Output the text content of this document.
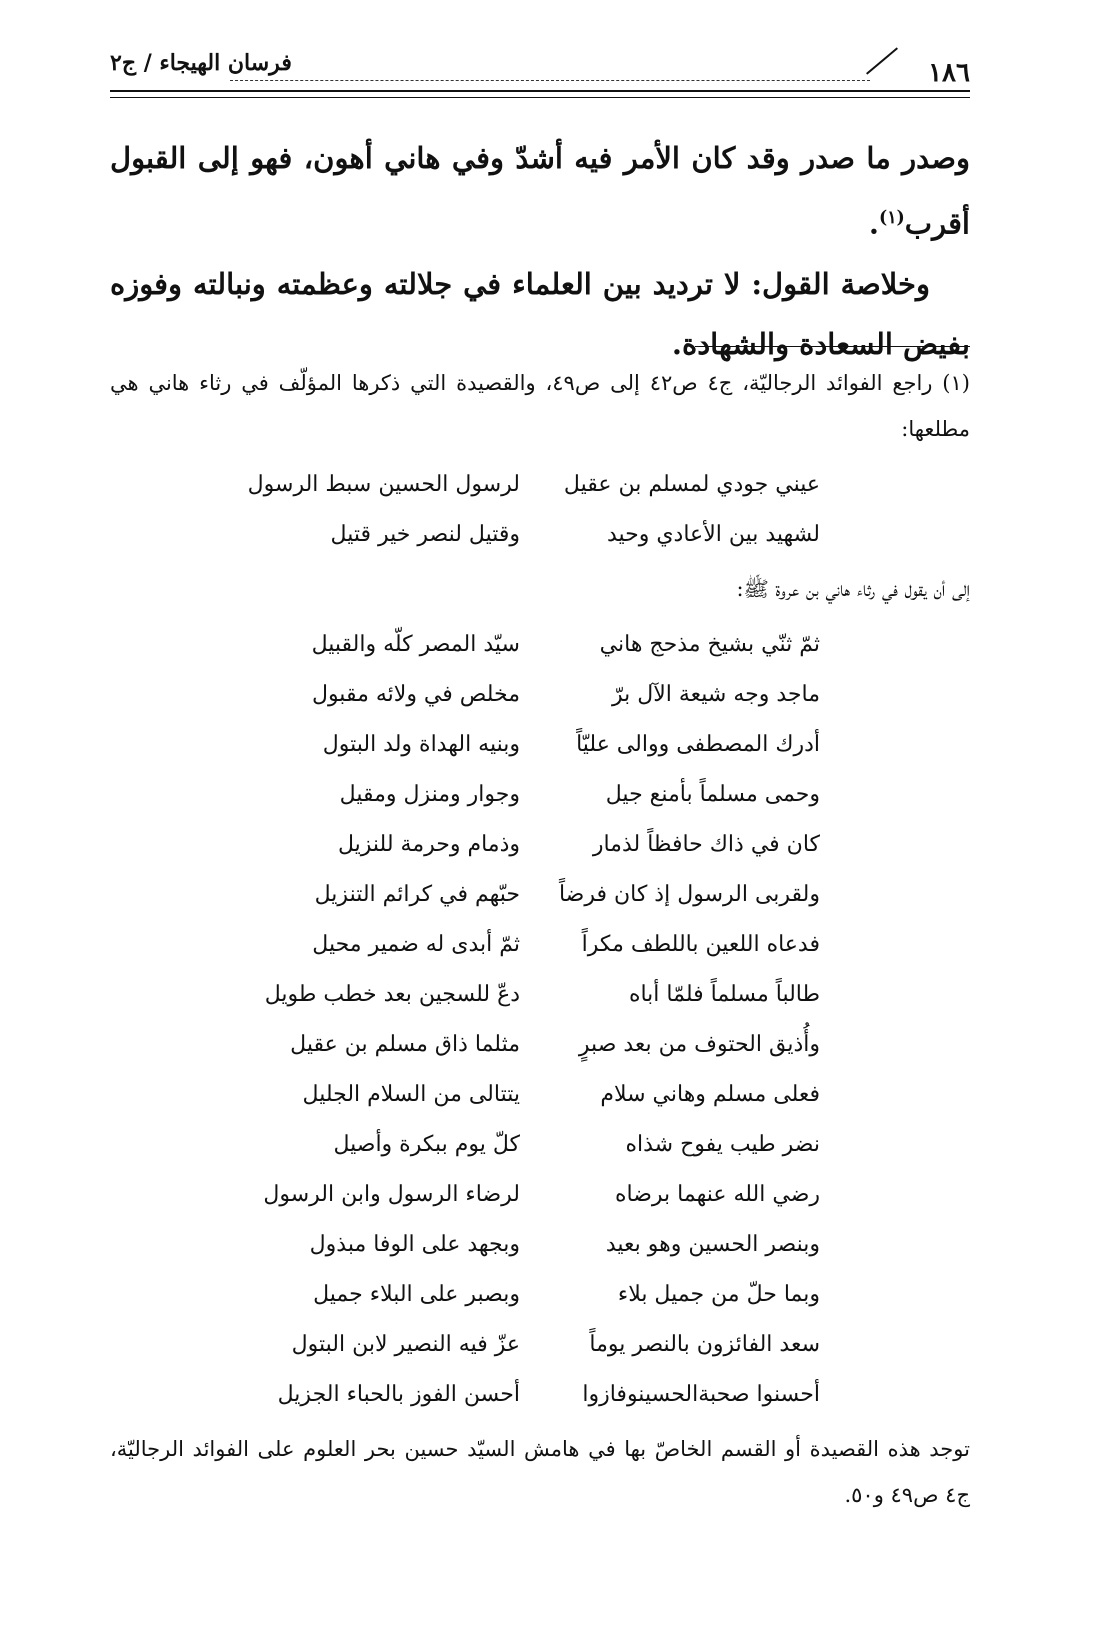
١٨٦
فرسان الهيجاء / ج٢

وصدر ما صدر وقد كان الأمر فيه أشدّ وفي هاني أهون، فهو إلى القبول أقرب$^{(١)}$.

وخلاصة القول: لا ترديد بين العلماء في جلالته وعظمته ونبالته وفوزه بفيض السعادة والشهادة.

(١) راجع الفوائد الرجاليّة، ج٤ ص٤٢ إلى ص٤٩، والقصيدة التي ذكرها المؤلّف في رثاء هاني هي مطلعها:

عيني جودي لمسلم بن عقيل
لرسول الحسين سبط الرسول
لشهيد بين الأعادي وحيد
وقتيل لنصر خير قتيل

إلى أن يقول في رثاء هاني بن عروة ﷺ:

ثمّ ثنّي بشيخ مذحج هاني
سيّد المصر كلّه والقبيل
ماجد وجه شيعة الآل برّ
مخلص في ولائه مقبول
أدرك المصطفى ووالى عليّاً
وبنيه الهداة ولد البتول
وحمى مسلماً بأمنع جيل
وجوار ومنزل ومقيل
كان في ذاك حافظاً لذمار
وذمام وحرمة للنزيل
ولقربى الرسول إذ كان فرضاً
حبّهم في كرائم التنزيل
فدعاه اللعين باللطف مكراً
ثمّ أبدى له ضمير محيل
طالباً مسلماً فلمّا أباه
دعّ للسجين بعد خطب طويل
وأُذيق الحتوف من بعد صبرٍ
مثلما ذاق مسلم بن عقيل
فعلى مسلم وهاني سلام
يتتالى من السلام الجليل
نضر طيب يفوح شذاه
كلّ يوم ببكرة وأصيل
رضي الله عنهما برضاه
لرضاء الرسول وابن الرسول
وبنصر الحسين وهو بعيد
وبجهد على الوفا مبذول
وبما حلّ من جميل بلاء
وبصبر على البلاء جميل
سعد الفائزون بالنصر يوماً
عزّ فيه النصير لابن البتول
أحسنوا صحبةالحسينوفازوا
أحسن الفوز بالحباء الجزيل

توجد هذه القصيدة أو القسم الخاصّ بها في هامش السيّد حسين بحر العلوم على الفوائد الرجاليّة، ج٤ ص٤٩ و٥٠.
